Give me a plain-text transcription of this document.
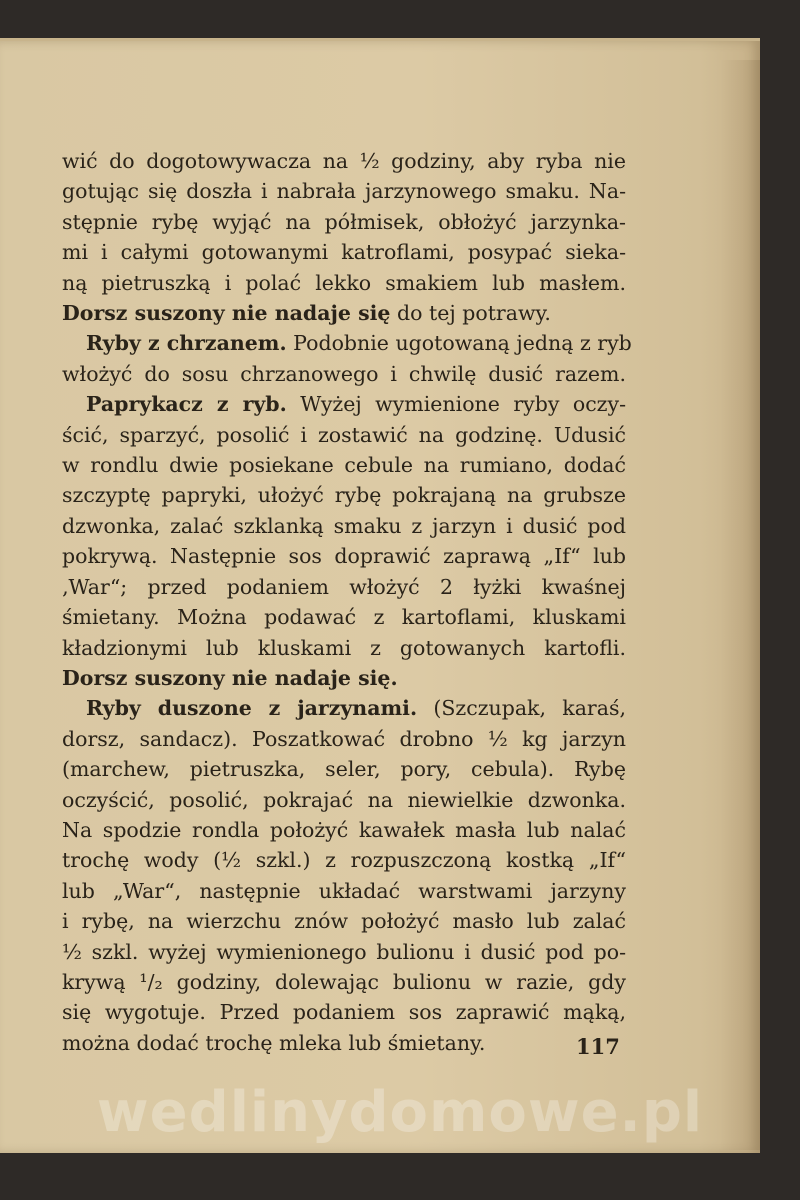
wić do dogotowywacza na ½ godziny, aby ryba nie
gotując się doszła i nabrała jarzynowego smaku. Na-
stępnie rybę wyjąć na półmisek, obłożyć jarzynka-
mi i całymi gotowanymi katroflami, posypać sieka-
ną pietruszką i polać lekko smakiem lub masłem.
Dorsz suszony nie nadaje się do tej potrawy.
Ryby z chrzanem. Podobnie ugotowaną jedną z ryb
włożyć do sosu chrzanowego i chwilę dusić razem.
Paprykacz z ryb. Wyżej wymienione ryby oczy-
ścić, sparzyć, posolić i zostawić na godzinę. Udusić
w rondlu dwie posiekane cebule na rumiano, dodać
szczyptę papryki, ułożyć rybę pokrajaną na grubsze
dzwonka, zalać szklanką smaku z jarzyn i dusić pod
pokrywą. Następnie sos doprawić zaprawą „If“ lub
‚War“; przed podaniem włożyć 2 łyżki kwaśnej
śmietany. Można podawać z kartoflami, kluskami
kładzionymi lub kluskami z gotowanych kartofli.
Dorsz suszony nie nadaje się.
Ryby duszone z jarzynami. (Szczupak, karaś,
dorsz, sandacz). Poszatkować drobno ½ kg jarzyn
(marchew, pietruszka, seler, pory, cebula). Rybę
oczyścić, posolić, pokrajać na niewielkie dzwonka.
Na spodzie rondla położyć kawałek masła lub nalać
trochę wody (½ szkl.) z rozpuszczoną kostką „If“
lub „War“, następnie układać warstwami jarzyny
i rybę, na wierzchu znów położyć masło lub zalać
½ szkl. wyżej wymienionego bulionu i dusić pod po-
krywą ¹/₂ godziny, dolewając bulionu w razie, gdy
się wygotuje. Przed podaniem sos zaprawić mąką,
można dodać trochę mleka lub śmietany.	117
wedlinydomowe.pl
